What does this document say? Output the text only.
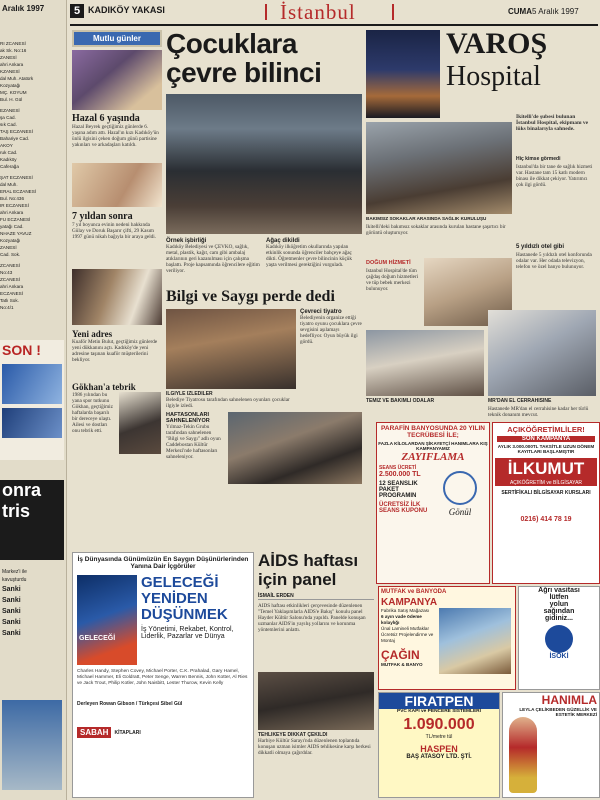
Aralık 1997
RI ZCANESİ
ak Sk. No:16
ZANESİ
ahri Ankara
KZANESİ
dal Muh. Atatürk
Kozyatağı
MÇ. KOYUM
Bul. H. Gül
EZANESİ
şa Cad.
sık Cad.
TAŞ ECZANESİ
Bahariye Cad.
AKOY
ruk Cad.
Kadıköy
Caferağa
ŞAT ECZANESİ
dal Muh.
ERAL ECZANESİ
Bul. No:436
IR ECZANESİ
ahri Ankara
FU ECZANESİ
yatağı Cad.
NHAZE YAVUZ
Kozyatağı
ZANESİ
Cad. Sok.
ZCANESİ
No:43
ZCANESİ
ahri Ankara
ECZANESİ
Tatlı Sok.
No:4/1
SON !
onra
tris
Markez'i ile
kavuşturdu
Sanki
Sanki
Sanki
Sanki
Sanki
5 KADIKÖY YAKASI	İstanbul	CUMA 5 Aralık 1997
Mutlu günler
Hazal 6 yaşında
Hazal Beyrek geçtiğimiz günlerde 6. yaşına adım attı. Hazal'ın kızı Kadıköy'ün ünlü ilgisini çeken doğum günü partisine yakınları ve arkadaşları katıldı.
7 yıldan sonra
7 yıl boyunca evinin nedeni hakkında Gülay ve Doruk Başarır çifti, 29 Kasım 1997 günü nikah bağıyla bir araya geldi.
Yeni adres
Kuaför Metin Bulut, geçtiğimiz günlerde yeni dükkanını açtı. Kadıköy'de yeni adresine taşınan kuaför müşterilerini bekliyor.
Gökhan'a tebrik
1986 yılından bu yana spor tutkunu Gökhan, geçtiğimiz haftalarda başarılı bir dereceye ulaştı. Ailesi ve dostları onu tebrik etti.
Çocuklara
çevre bilinci
Örnek işbirliği
Kadıköy Belediyesi ve ÇEVKO, sağlık, metal, plastik, kağıt, cam gibi ambalaj atıklarının geri kazanılması için çalışma başlattı. Proje kapsamında öğrencilere eğitim veriliyor.
Ağaç dikildi
Kadıköy ilköğretim okullarında yapılan etkinlik sonunda öğrenciler bahçeye ağaç dikti. Öğretmenler çevre bilincinin küçük yaşta verilmesi gerektiğini vurguladı.
Bilgi ve Saygı perde dedi
Çevreci tiyatro
Belediyenin organize ettiği tiyatro oyunu çocuklara çevre sevgisini aşılamayı hedefliyor. Oyun büyük ilgi gördü.
İLGİYLE İZLEDİLER
Belediye Tiyatrosu tarafından sahnelenen oyunları çocuklar ilgiyle izledi.
HAFTASONLARI SAHNELENİYOR
Yılmaz-Tekin Grubu tarafından sahnelenen "Bilgi ve Saygı" adlı oyun Caddebostan Kültür Merkezi'nde haftasonları sahneleniyor.
VAROŞ
Hospital
İkitelli'de şubesi bulunan İstanbul Hospital, ekipmanı ve lüks binalarıyla sahnede.
Hiç kimse görmedi
İstanbul'da bir tane de sağlık hizmeti var. Hastane tam 15 katlı modern binası ile dikkat çekiyor. Yatırımcı çok ilgi gördü.
BAKIMSIZ SOKAKLAR ARASINDA SAĞLIK KURULUŞU
İkitelli'deki bakımsız sokaklar arasında kurulan hastane şaşırtıcı bir görüntü oluşturuyor.
DOĞUM HİZMETİ
İstanbul Hospital'de tüm çağdaş doğum hizmetleri ve tüp bebek merkezi bulunuyor.
5 yıldızlı otel gibi
Hastanede 5 yıldızlı otel konforunda odalar var. Her odada televizyon, telefon ve özel banyo bulunuyor.
TEMİZ VE BAKIMLI ODALAR	MR'DAN EL CERRAHİSİNE
Hastanede MR'dan el cerrahisine kadar her türlü teknik donanım mevcut.
PARAFİN BANYOSUNDA 20 YILIN TECRÜBESİ İLE;
FAZLA KİLOLARDAN ŞİKAYETÇİ HANIMLARA KIŞ KAMPANYAMIZ
ZAYIFLAMA
SEANS ÜCRETİ
2.500.000 TL
12 SEANSLIK PAKET PROGRAMIN
ÜCRETSİZ İLK SEANS KUPONU	Gönül
AÇIKÖĞRETİMLİLER!
SON KAMPANYA
AYLIK 3.000.000TL TAKSİTLE UZUN DÖNEM KAYITLARI BAŞLAMIŞTIR
İLKUMUT
AÇIKÖĞRETİM ve BİLGİSAYAR
SERTİFİKALI BİLGİSAYAR KURSLARI
0216) 414 78 19
İş Dünyasında Günümüzün En Saygın Düşünürlerinden Yanına Dair İçgörüler
GELECEĞİ
GELECEĞİ
YENİDEN
DÜŞÜNMEK
İş Yönetimi, Rekabet, Kontrol, Liderlik, Pazarlar ve Dünya
Charles Handy, Stephen Covey, Michael Porter, C.K. Prahalad, Gary Hamel, Michael Hammer, Eli Goldratt, Peter Senge, Warren Bennis, John Kotter, Al Ries ve Jack Trout, Philip Kotler, John Naisbitt, Lester Thurow, Kevin Kelly
Derleyen Rowan Gibson / Türkçesi Sibel Gül
SABAH	KİTAPLARI
AİDS haftası
için panel
İSMAİL ERDEN
AIDS haftası etkinlikleri çerçevesinde düzenlenen "Temel Yaklaşımlarla AIDS'e Bakış" konulu panel Hayder Kültür Salonu'nda yapıldı. Panelde konuşan uzmanlar AIDS'in yayılış yollarını ve korunma yöntemlerini anlattı.
TEHLİKEYE DİKKAT ÇEKİLDİ
Harbiye Kültür Sarayı'nda düzenlenen toplantıda konuşan uzman isimler AIDS tehlikesine karşı herkesi dikkatli olmaya çağırdılar.
MUTFAK ve BANYODA
KAMPANYA
Fabrika Satış Mağazası
6 ayın vade ödeme kolaylığı
Ünal Lamineli Mutfaklar
Ücretsiz Projelendirme ve Montaj
ÇAĞIN
MUTFAK & BANYO
Ağrı vasitası
lütfen
yolun
sağından
gidiniz...
İSOKİ
FIRATPEN
PVC KAPI ve PENCERE SİSTEMLERİ
1.090.000
TL/metre tül
HASPEN
BAŞ ATASOY LTD. ŞTİ.
HANIMLA
LEYLA ÇELİKBEDEN GÜZELLİK VE ESTETİK MERKEZİ
